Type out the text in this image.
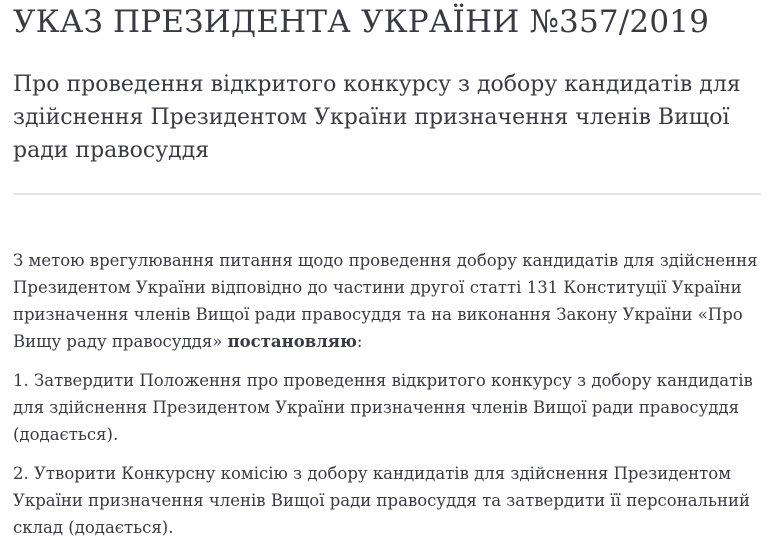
УКАЗ ПРЕЗИДЕНТА УКРАЇНИ №357/2019
Про проведення відкритого конкурсу з добору кандидатів для здійснення Президентом України призначення членів Вищої ради правосуддя

З метою врегулювання питання щодо проведення добору кандидатів для здійснення Президентом України відповідно до частини другої статті 131 Конституції України призначення членів Вищої ради правосуддя та на виконання Закону України «Про Вищу раду правосуддя» постановляю:

1. Затвердити Положення про проведення відкритого конкурсу з добору кандидатів для здійснення Президентом України призначення членів Вищої ради правосуддя (додається).

2. Утворити Конкурсну комісію з добору кандидатів для здійснення Президентом України призначення членів Вищої ради правосуддя та затвердити її персональний склад (додається).
